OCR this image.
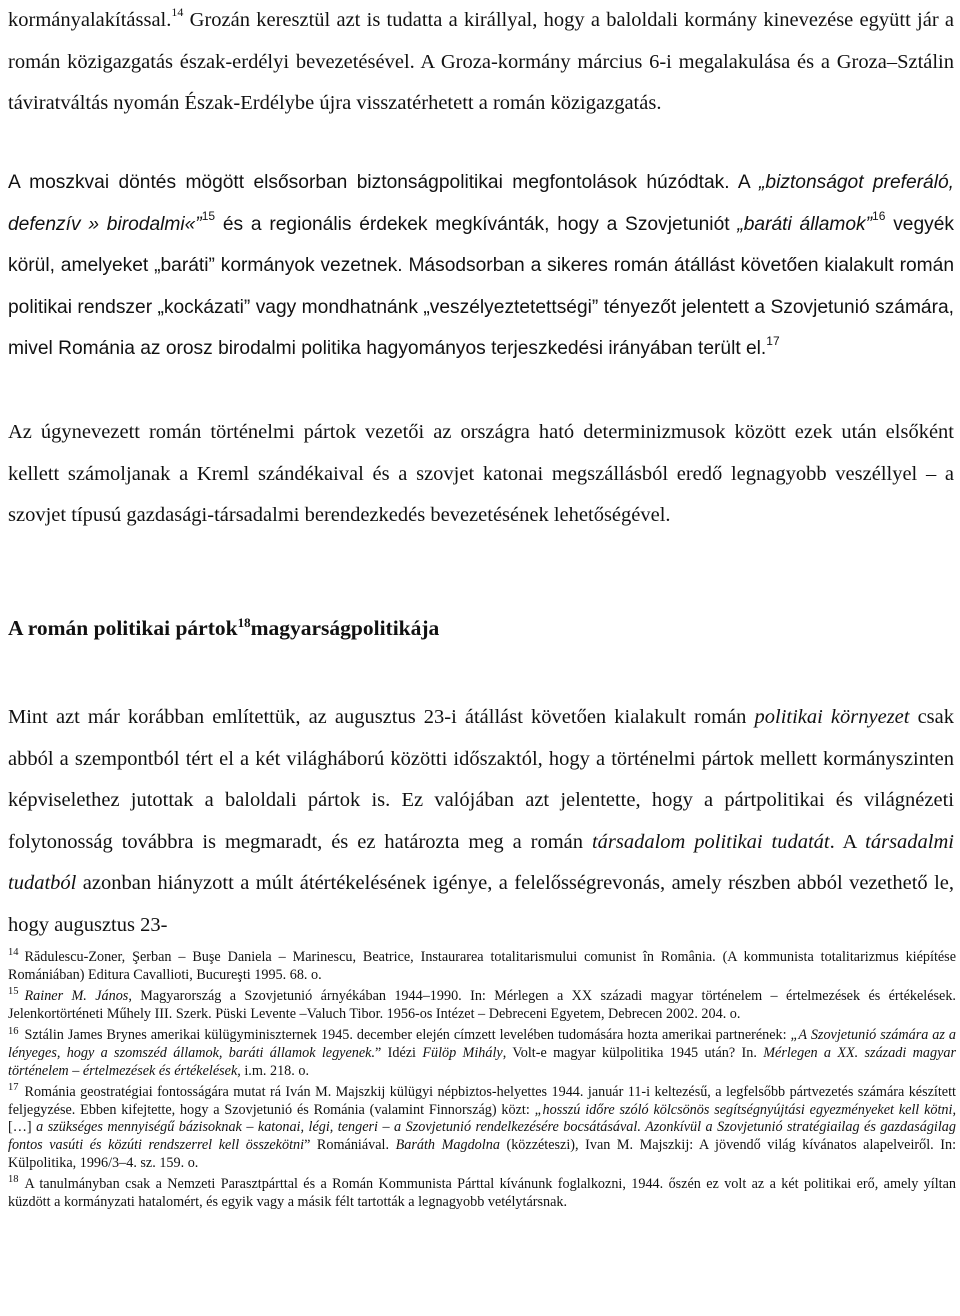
kormányalakítással.$^{14}$ Grozán keresztül azt is tudatta a királlyal, hogy a baloldali kormány kinevezése együtt jár a román közigazgatás észak-erdélyi bevezetésével. A Groza-kormány március 6-i megalakulása és a Groza–Sztálin táviratváltás nyomán Észak-Erdélybe újra visszatérhetett a román közigazgatás.
A moszkvai döntés mögött elsősorban biztonságpolitikai megfontolások húzódtak. A „biztonságot preferáló, defenzív » birodalmi«”$^{15}$ és a regionális érdekek megkívánták, hogy a Szovjetuniót „baráti államok”$^{16}$ vegyék körül, amelyeket „baráti” kormányok vezetnek. Másodsorban a sikeres román átállást követően kialakult román politikai rendszer „kockázati” vagy mondhatnánk „veszélyeztetettségi” tényezőt jelentett a Szovjetunió számára, mivel Románia az orosz birodalmi politika hagyományos terjeszkedési irányában terült el.$^{17}$
Az úgynevezett román történelmi pártok vezetői az országra ható determinizmusok között ezek után elsőként kellett számoljanak a Kreml szándékaival és a szovjet katonai megszállásból eredő legnagyobb veszéllyel – a szovjet típusú gazdasági-társadalmi berendezkedés bevezetésének lehetőségével.
A román politikai pártok$^{18}$magyarságpolitikája
Mint azt már korábban említettük, az augusztus 23-i átállást követően kialakult román politikai környezet csak abból a szempontból tért el a két világháború közötti időszaktól, hogy a történelmi pártok mellett kormányszinten képviselethez jutottak a baloldali pártok is. Ez valójában azt jelentette, hogy a pártpolitikai és világnézeti folytonosság továbbra is megmaradt, és ez határozta meg a román társadalom politikai tudatát. A társadalmi tudatból azonban hiányzott a múlt átértékelésének igénye, a felelősségrevonás, amely részben abból vezethető le, hogy augusztus 23-

$^{14}$ Rădulescu-Zoner, Şerban – Buşe Daniela – Marinescu, Beatrice, Instaurarea totalitarismului comunist în România. (A kommunista totalitarizmus kiépítése Romániában) Editura Cavallioti, Bucureşti 1995. 68. o.

$^{15}$ Rainer M. János, Magyarország a Szovjetunió árnyékában 1944–1990. In: Mérlegen a XX századi magyar történelem – értelmezések és értékelések. Jelenkortörténeti Műhely III. Szerk. Püski Levente –Valuch Tibor. 1956-os Intézet – Debreceni Egyetem, Debrecen 2002. 204. o.

$^{16}$ Sztálin James Brynes amerikai külügyminiszternek 1945. december elején címzett levelében tudomására hozta amerikai partnerének: „A Szovjetunió számára az a lényeges, hogy a szomszéd államok, baráti államok legyenek.” Idézi Fülöp Mihály, Volt-e magyar külpolitika 1945 után? In. Mérlegen a XX. századi magyar történelem – értelmezések és értékelések, i.m. 218. o.

$^{17}$ Románia geostratégiai fontosságára mutat rá Iván M. Majszkij külügyi népbiztos-helyettes 1944. január 11-i keltezésű, a legfelsőbb pártvezetés számára készített feljegyzése. Ebben kifejtette, hogy a Szovjetunió és Románia (valamint Finnország) közt: „hosszú időre szóló kölcsönös segítségnyújtási egyezményeket kell kötni, […] a szükséges mennyiségű bázisoknak – katonai, légi, tengeri – a Szovjetunió rendelkezésére bocsátásával. Azonkívül a Szovjetunió stratégiailag és gazdaságilag fontos vasúti és közúti rendszerrel kell összekötni” Romániával. Baráth Magdolna (közzéteszi), Ivan M. Majszkij: A jövendő világ kívánatos alapelveiről. In: Külpolitika, 1996/3–4. sz. 159. o.

$^{18}$ A tanulmányban csak a Nemzeti Parasztpárttal és a Román Kommunista Párttal kívánunk foglalkozni, 1944. őszén ez volt az a két politikai erő, amely yíltan küzdött a kormányzati hatalomért, és egyik vagy a másik félt tartották a legnagyobb vetélytársnak.
